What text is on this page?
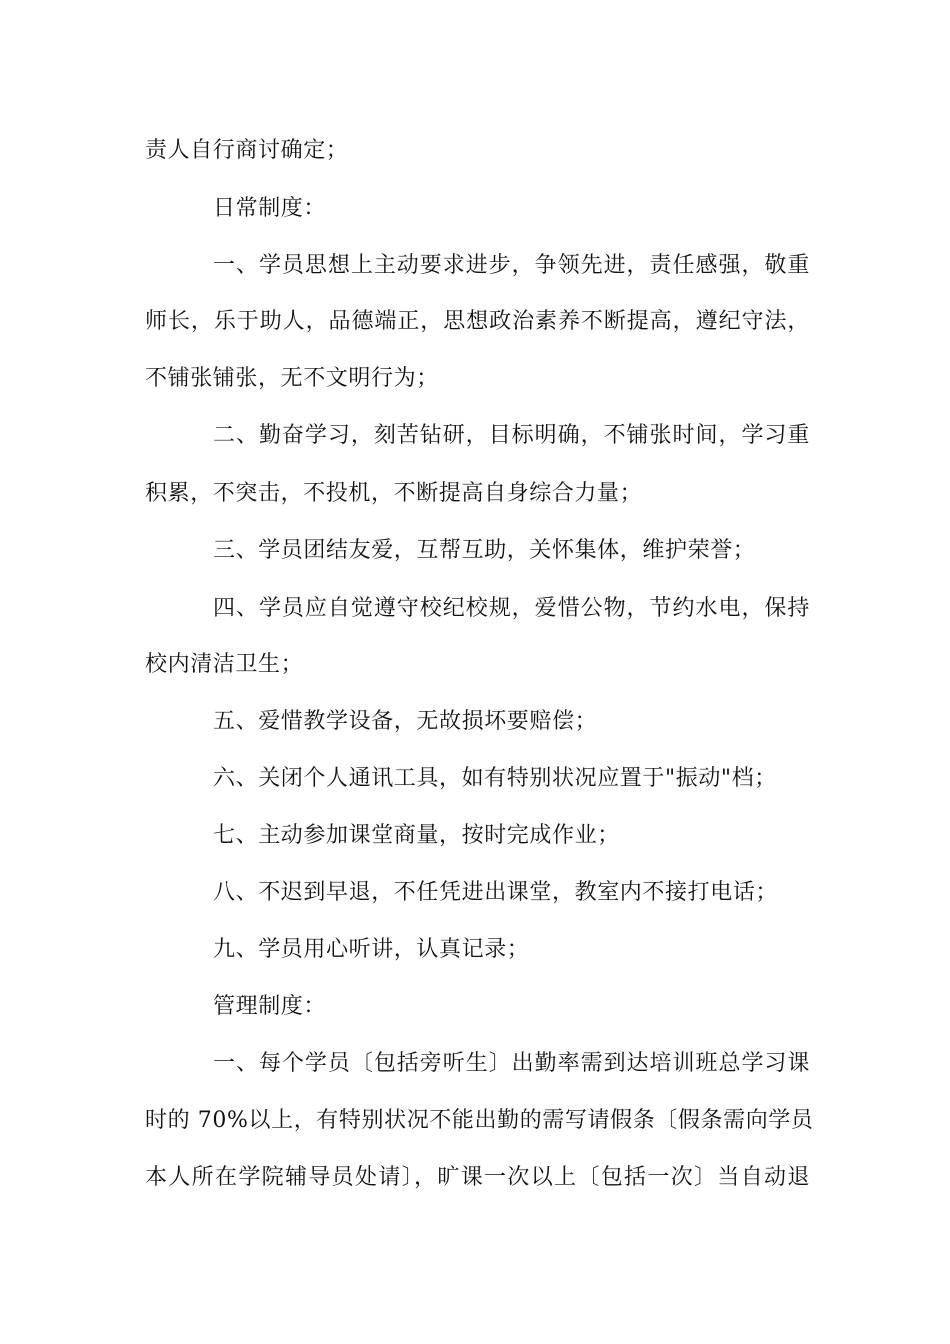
责人自行商讨确定；
日常制度：
一、学员思想上主动要求进步，争领先进，责任感强，敬重
师长，乐于助人，品德端正，思想政治素养不断提高，遵纪守法，
不铺张铺张，无不文明行为；
二、勤奋学习，刻苦钻研，目标明确，不铺张时间，学习重
积累，不突击，不投机，不断提高自身综合力量；
三、学员团结友爱，互帮互助，关怀集体，维护荣誉；
四、学员应自觉遵守校纪校规，爱惜公物，节约水电，保持
校内清洁卫生；
五、爱惜教学设备，无故损坏要赔偿；
六、关闭个人通讯工具，如有特别状况应置于"振动"档；
七、主动参加课堂商量，按时完成作业；
八、不迟到早退，不任凭进出课堂，教室内不接打电话；
九、学员用心听讲，认真记录；
管理制度：
一、每个学员〔包括旁听生〕出勤率需到达培训班总学习课
时的 70%以上，有特别状况不能出勤的需写请假条〔假条需向学员
本人所在学院辅导员处请〕，旷课一次以上〔包括一次〕当自动退
